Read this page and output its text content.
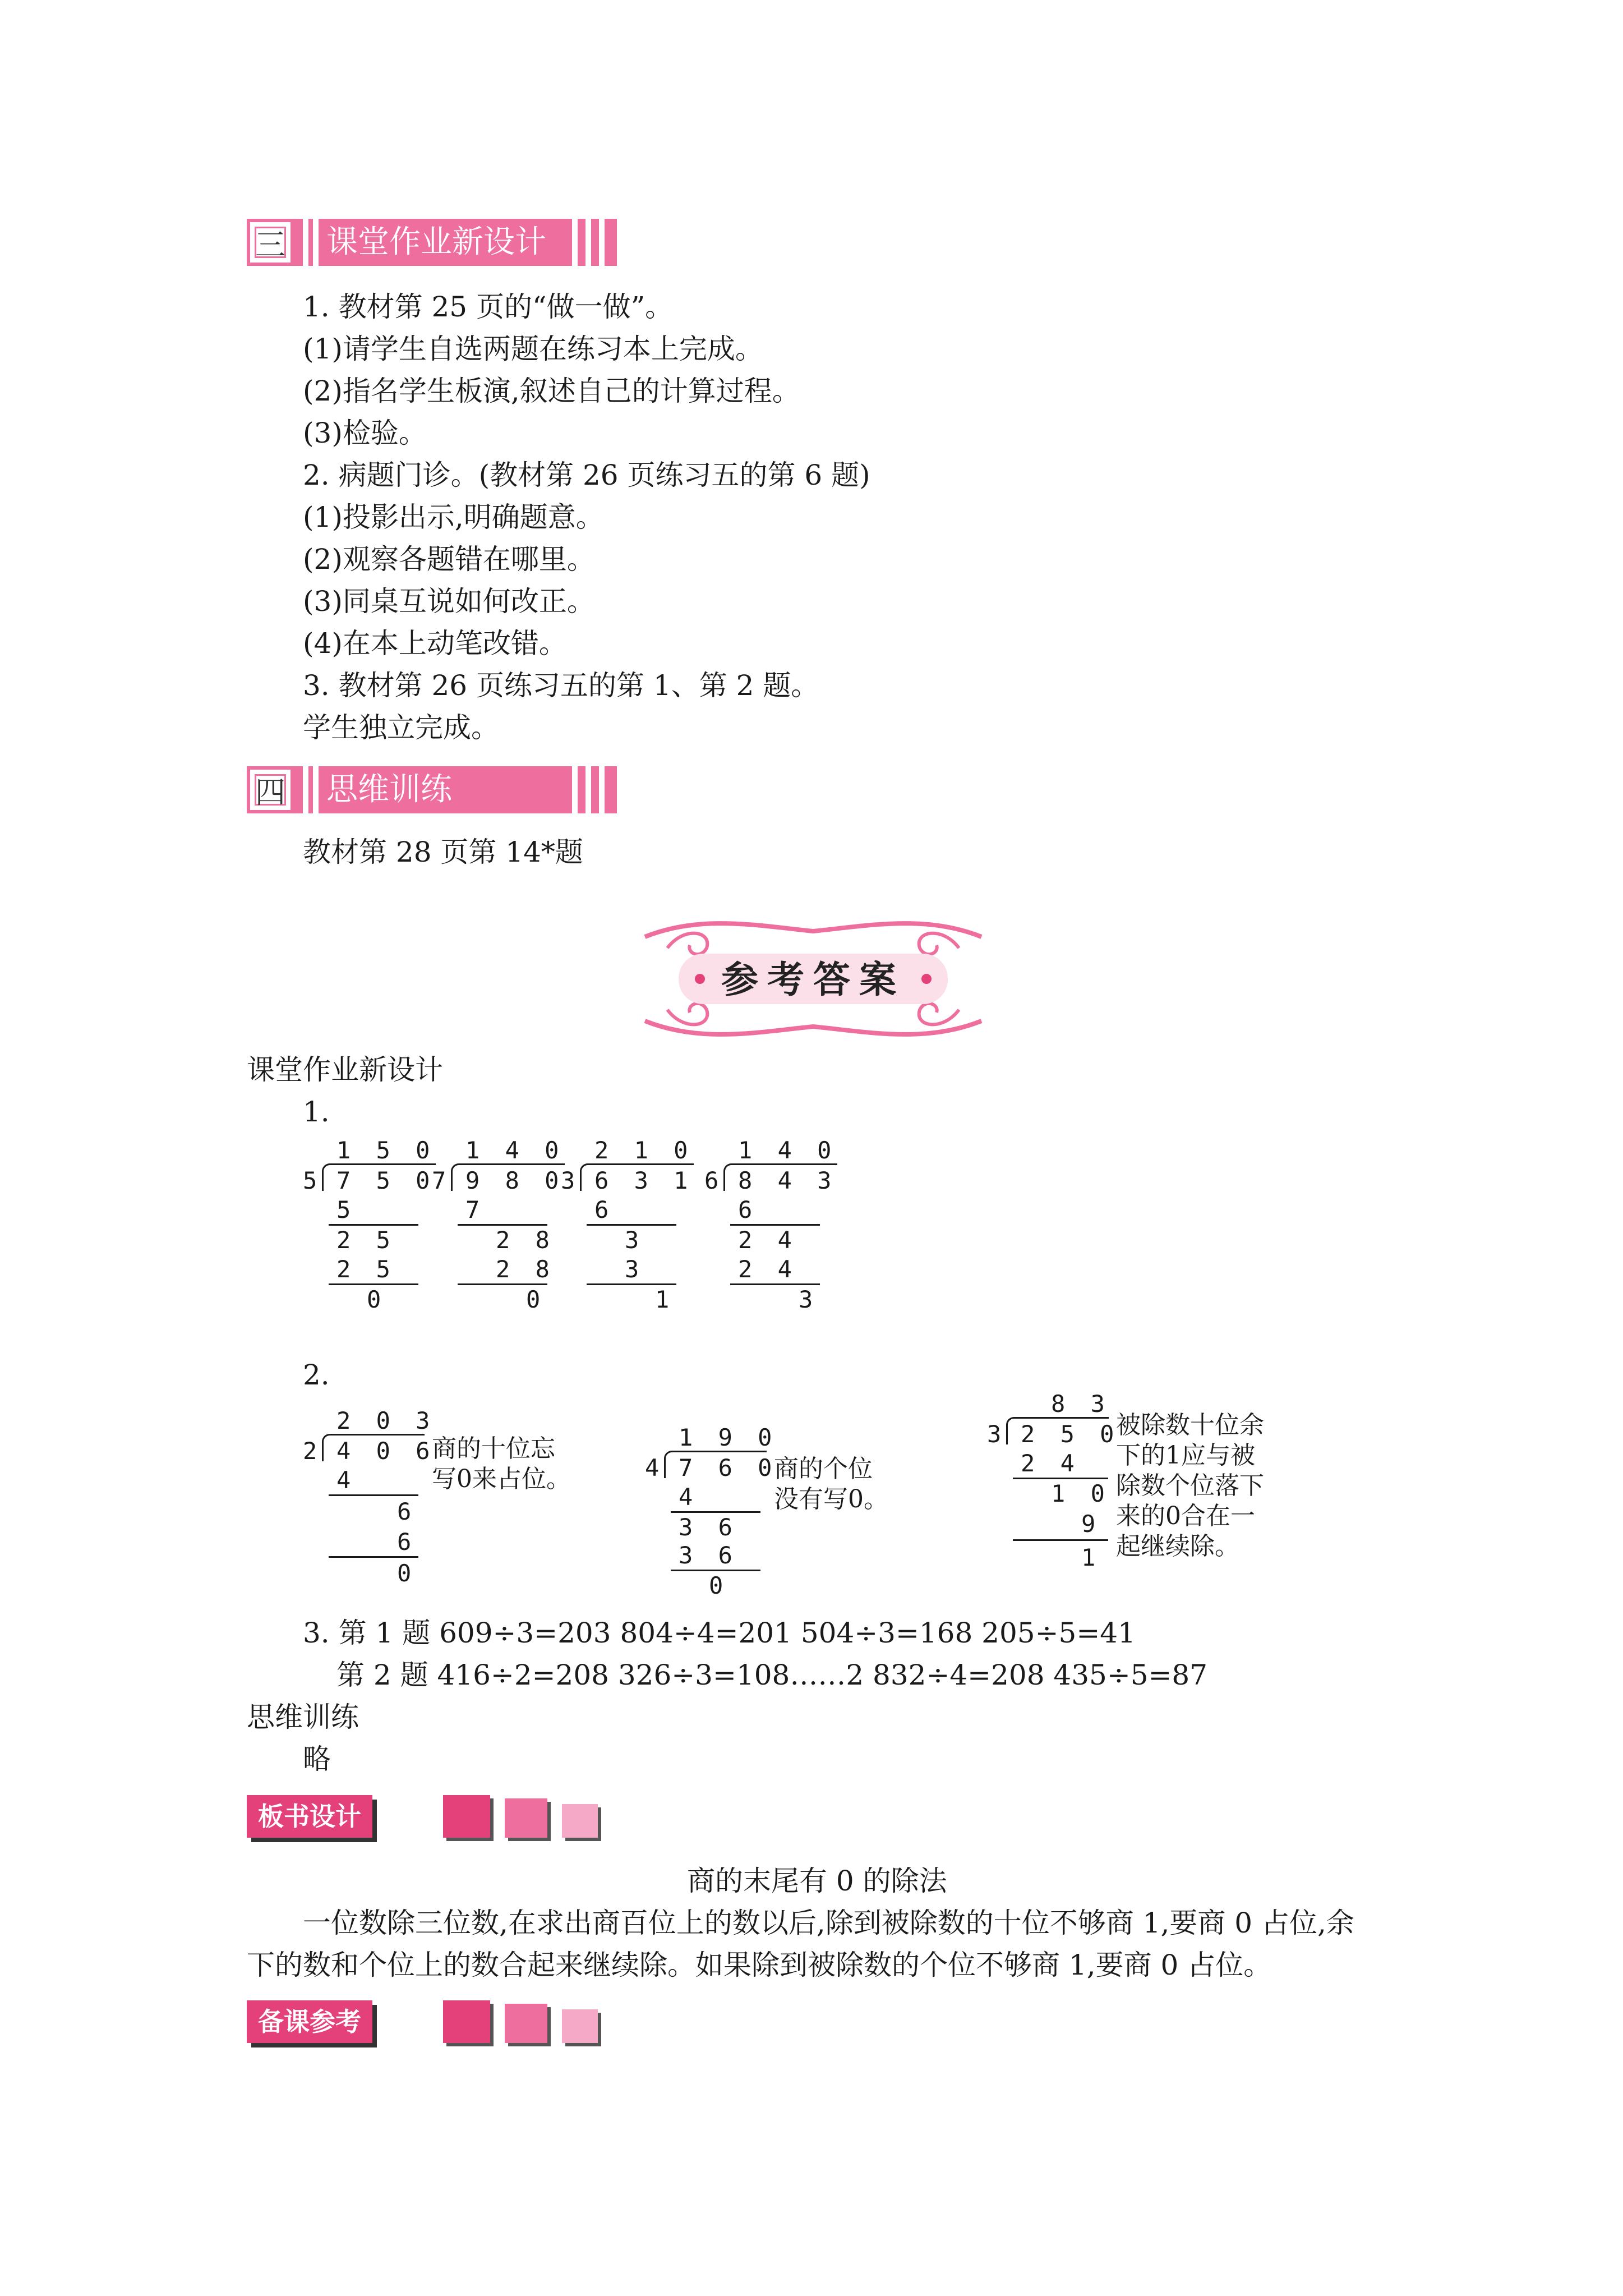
三 课堂作业新设计
1. 教材第 25 页的“做一做”。
(1)请学生自选两题在练习本上完成。
(2)指名学生板演,叙述自己的计算过程。
(3)检验。
2. 病题门诊。(教材第 26 页练习五的第 6 题)
(1)投影出示,明确题意。
(2)观察各题错在哪里。
(3)同桌互说如何改正。
(4)在本上动笔改错。
3. 教材第 26 页练习五的第 1、第 2 题。
学生独立完成。
四 思维训练
教材第 28 页第 14*题
参考答案
课堂作业新设计
1.
1 5 0
5 7 5 0
5
2 5
2 5
0
1 4 0
7 9 8 0
7
2 8
2 8
0
2 1 0
3 6 3 1
6
3
3
1
1 4 0
6 8 4 3
6
2 4
2 4
3
2.
2 0 3
2 4 0 6
4
6
6
0
商的十位忘
写0来占位。
1 9 0
4 7 6 0
4
3 6
3 6
0
商的个位
没有写0。
8 3
3 2 5 0
2 4
1 0
9
1
被除数十位余
下的1应与被
除数个位落下
来的0合在一
起继续除。
3. 第 1 题 609÷3=203 804÷4=201 504÷3=168 205÷5=41
第 2 题 416÷2=208 326÷3=108……2 832÷4=208 435÷5=87
思维训练
略
板书设计
商的末尾有 0 的除法
一位数除三位数,在求出商百位上的数以后,除到被除数的十位不够商 1,要商 0 占位,余
下的数和个位上的数合起来继续除。如果除到被除数的个位不够商 1,要商 0 占位。
备课参考
